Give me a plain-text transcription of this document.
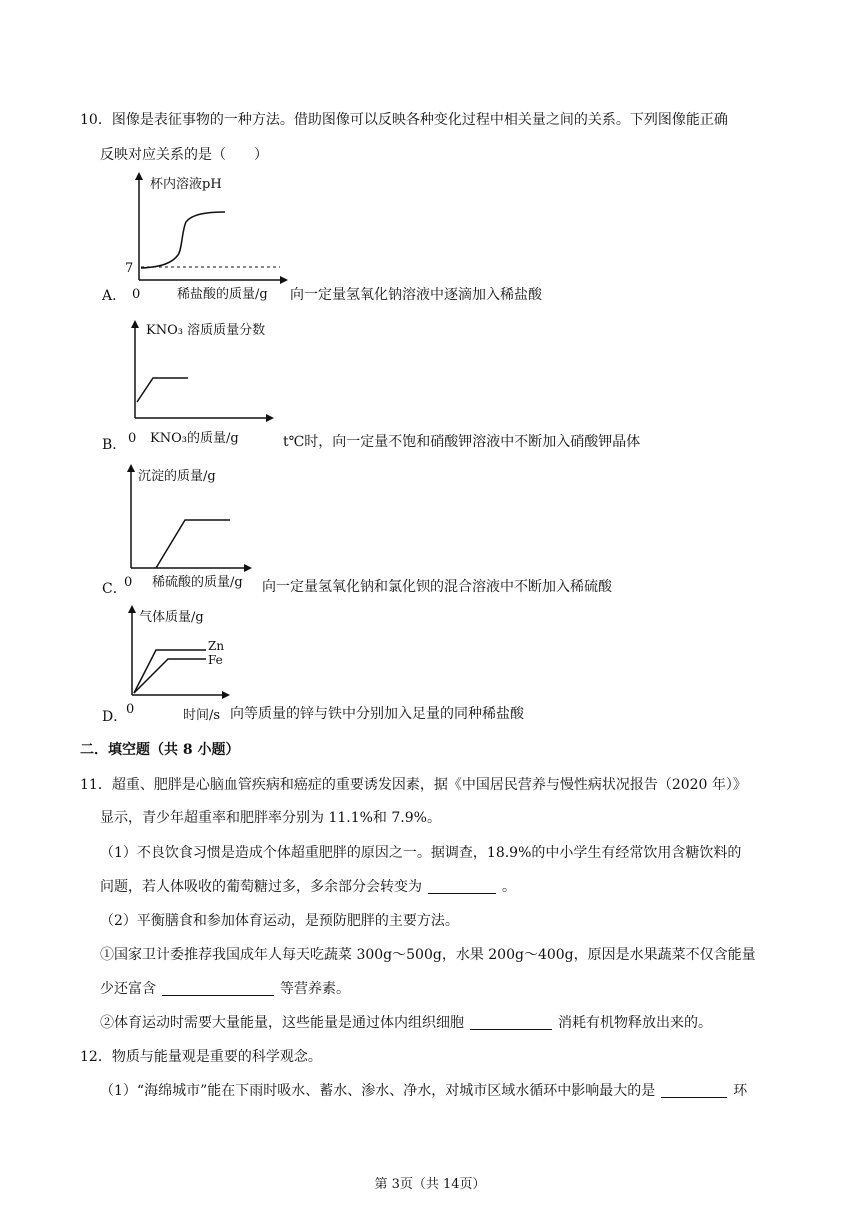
10．图像是表征事物的一种方法。借助图像可以反映各种变化过程中相关量之间的关系。下列图像能正确
反映对应关系的是（　　）
A．
杯内溶液pH
7
0	稀盐酸的质量/g 向一定量氢氧化钠溶液中逐滴加入稀盐酸
B．
KNO₃ 溶质质量分数
0 KNO₃的质量/g	t℃时，向一定量不饱和硝酸钾溶液中不断加入硝酸钾晶体
C．
沉淀的质量/g
0 稀硫酸的质量/g 向一定量氢氧化钠和氯化钡的混合溶液中不断加入稀硫酸
D．
气体质量/g
Zn
Fe
0	时间/s 向等质量的锌与铁中分别加入足量的同种稀盐酸
二．填空题（共 8 小题）
11．超重、肥胖是心脑血管疾病和癌症的重要诱发因素，据《中国居民营养与慢性病状况报告（2020 年）》
显示，青少年超重率和肥胖率分别为 11.1%和 7.9%。
（1）不良饮食习惯是造成个体超重肥胖的原因之一。据调查，18.9%的中小学生有经常饮用含糖饮料的
问题，若人体吸收的葡萄糖过多，多余部分会转变为	。
（2）平衡膳食和参加体育运动，是预防肥胖的主要方法。
①国家卫计委推荐我国成年人每天吃蔬菜 300g～500g，水果 200g～400g，原因是水果蔬菜不仅含能量
少还富含	等营养素。
②体育运动时需要大量能量，这些能量是通过体内组织细胞	消耗有机物释放出来的。
12．物质与能量观是重要的科学观念。
（1）“海绵城市”能在下雨时吸水、蓄水、渗水、净水，对城市区域水循环中影响最大的是	环
第 3页（共 14页）
